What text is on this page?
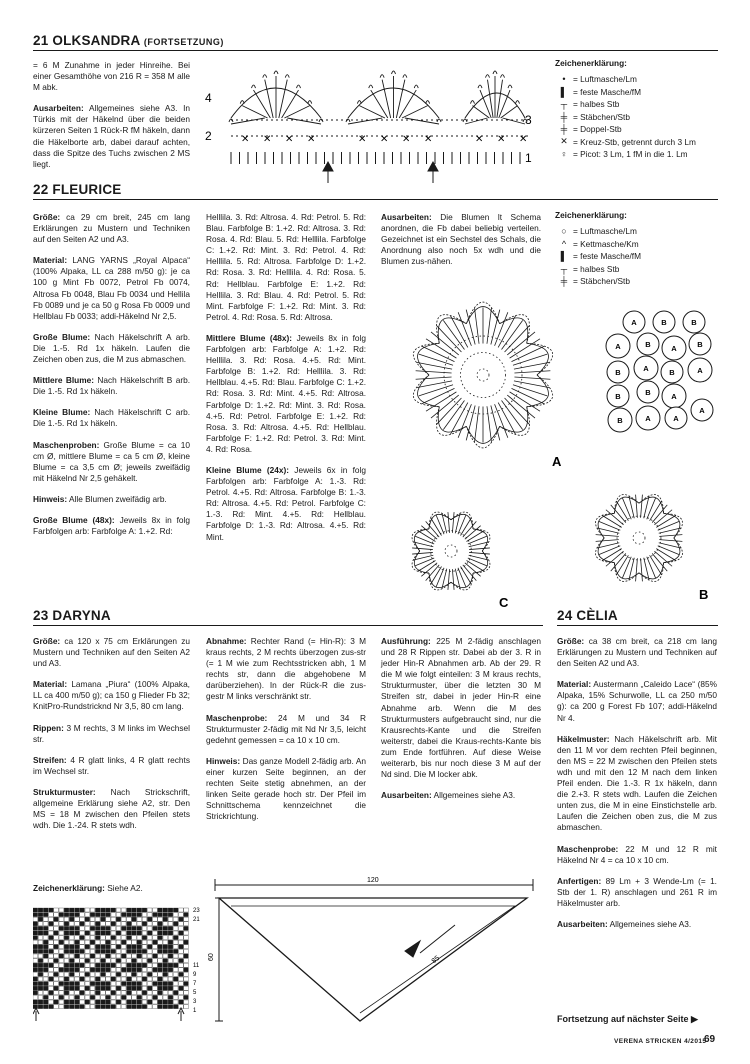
21 OLKSANDRA (FORTSETZUNG)

= 6 M Zunahme in jeder Hinreihe. Bei einer Gesamthöhe von 216 R = 358 M alle M abk.

Ausarbeiten: Allgemeines siehe A3. In Türkis mit der Häkelnd über die beiden kürzeren Seiten 1 Rück-R fM häkeln, dann die Häkelborte arb, dabei darauf achten, dass die Spitze des Tuchs zwischen 2 MS liegt.

✕ ✕ ✕ ✕	✕ ✕ ✕ ✕	✕ ✕ ✕
4
2
1
3
Zeichenerklärung:
• = Luftmasche/Lm
▌ = feste Masche/fM
┬ = halbes Stb
╪ = Stäbchen/Stb
╪ = Doppel-Stb
✕ = Kreuz-Stb, getrennt durch 3 Lm
♀ = Picot: 3 Lm, 1 fM in die 1. Lm
22 FLEURICE

Größe: ca 29 cm breit, 245 cm lang Erklärungen zu Mustern und Techniken auf den Seiten A2 und A3.

Material: LANG YARNS „Royal Alpaca“ (100% Alpaka, LL ca 288 m/50 g): je ca 100 g Mint Fb 0072, Petrol Fb 0074, Altrosa Fb 0048, Blau Fb 0034 und Hellila Fb 0089 und je ca 50 g Rosa Fb 0009 und Hellblau Fb 0033; addi-Häkelnd Nr 2,5.

Große Blume: Nach Häkelschrift A arb. Die 1.-5. Rd 1x häkeln. Laufen die Zeichen oben zus, die M zus abmaschen.

Mittlere Blume: Nach Häkelschrift B arb. Die 1.-5. Rd 1x häkeln.

Kleine Blume: Nach Häkelschrift C arb. Die 1.-5. Rd 1x häkeln.

Maschenproben: Große Blume = ca 10 cm Ø, mittlere Blume = ca 5 cm Ø, kleine Blume = ca 3,5 cm Ø; jeweils zweifädig mit Häkelnd Nr 2,5 gehäkelt.

Hinweis: Alle Blumen zweifädig arb.

Große Blume (48x): Jeweils 8x in folg Farbfolgen arb: Farbfolge A: 1.+2. Rd:

Helllila. 3. Rd: Altrosa. 4. Rd: Petrol. 5. Rd: Blau. Farbfolge B: 1.+2. Rd: Altrosa. 3. Rd: Rosa. 4. Rd: Blau. 5. Rd: Helllila. Farbfolge C: 1.+2. Rd: Mint. 3. Rd: Petrol. 4. Rd: Helllila. 5. Rd: Altrosa. Farbfolge D: 1.+2. Rd: Rosa. 3. Rd: Helllila. 4. Rd: Rosa. 5. Rd: Hellblau. Farbfolge E: 1.+2. Rd: Helllila. 3. Rd: Blau. 4. Rd: Petrol. 5. Rd: Mint. Farbfolge F: 1.+2. Rd: Mint. 3. Rd: Petrol. 4. Rd: Rosa. 5. Rd: Altrosa.

Mittlere Blume (48x): Jeweils 8x in folg Farbfolgen arb: Farbfolge A: 1.+2. Rd: Helllila. 3. Rd: Rosa. 4.+5. Rd: Mint. Farbfolge B: 1.+2. Rd: Helllila. 3. Rd: Hellblau. 4.+5. Rd: Blau. Farbfolge C: 1.+2. Rd: Rosa. 3. Rd: Mint. 4.+5. Rd: Altrosa. Farbfolge D: 1.+2. Rd: Mint. 3. Rd: Rosa. 4.+5. Rd: Petrol. Farbfolge E: 1.+2. Rd: Rosa. 3. Rd: Altrosa. 4.+5. Rd: Hellblau. Farbfolge F: 1.+2. Rd: Petrol. 3. Rd: Mint. 4. Rd: Rosa.

Kleine Blume (24x): Jeweils 6x in folg Farbfolgen arb: Farbfolge A: 1.-3. Rd: Petrol. 4.+5. Rd: Altrosa. Farbfolge B: 1.-3. Rd: Altrosa. 4.+5. Rd: Petrol. Farbfolge C: 1.-3. Rd: Mint. 4.+5. Rd: Hellblau. Farbfolge D: 1.-3. Rd: Altrosa. 4.+5. Rd: Mint.

Ausarbeiten: Die Blumen lt Schema anordnen, die Fb dabei beliebig verteilen. Gezeichnet ist ein Sechstel des Schals, die Anordnung also noch 5x wdh und die Blumen zus-nähen.

Zeichenerklärung:
○ = Luftmasche/Lm
^ = Kettmasche/Km
▌ = feste Masche/fM
┬ = halbes Stb
╪ = Stäbchen/Stb
A
A	B	B
A	B	A	B
B	A	B	A
B	B	A
B	A	A
A
C
B
23 DARYNA

Größe: ca 120 x 75 cm Erklärungen zu Mustern und Techniken auf den Seiten A2 und A3.

Material: Lamana „Piura“ (100% Alpaka, LL ca 400 m/50 g); ca 150 g Flieder Fb 32; KnitPro-Rundstricknd Nr 3,5, 80 cm lang.

Rippen: 3 M rechts, 3 M links im Wechsel str.

Streifen: 4 R glatt links, 4 R glatt rechts im Wechsel str.

Strukturmuster: Nach Strickschrift, allgemeine Erklärung siehe A2, str. Den MS = 18 M zwischen den Pfeilen stets wdh. Die 1.-24. R stets wdh.

Abnahme: Rechter Rand (= Hin-R): 3 M kraus rechts, 2 M rechts überzogen zus-str (= 1 M wie zum Rechtsstricken abh, 1 M rechts str, dann die abgehobene M darüberziehen). In der Rück-R die zus-gestr M links verschränkt str.

Maschenprobe: 24 M und 34 R Strukturmuster 2-fädig mit Nd Nr 3,5, leicht gedehnt gemessen = ca 10 x 10 cm.

Hinweis: Das ganze Modell 2-fädig arb. An einer kurzen Seite beginnen, an der rechten Seite stetig abnehmen, an der linken Seite gerade hoch str. Der Pfeil im Schnittschema kennzeichnet die Strickrichtung.

Ausführung: 225 M 2-fädig anschlagen und 28 R Rippen str. Dabei ab der 3. R in jeder Hin-R Abnahmen arb. Ab der 29. R die M wie folgt einteilen: 3 M kraus rechts, Strukturmuster, über die letzten 30 M Streifen str, dabei in jeder Hin-R eine Abnahme arb. Wenn die M des Strukturmusters aufgebraucht sind, nur die Krausrechts-Kante und die Streifen weiterstr, dabei die Kraus-rechts-Kante bis zum Ende fortführen. Auf diese Weise weiterarb, bis nur noch diese 3 M auf der Nd sind. Die M locker abk.

Ausarbeiten: Allgemeines siehe A3.

Zeichenerklärung: Siehe A2.
23
21
11
9
7
5
3
1
120
60	85
24 CÈLIA

Größe: ca 38 cm breit, ca 218 cm lang Erklärungen zu Mustern und Techniken auf den Seiten A2 und A3.

Material: Austermann „Caleido Lace“ (85% Alpaka, 15% Schurwolle, LL ca 250 m/50 g): ca 200 g Forest Fb 107; addi-Häkelnd Nr 4.

Häkelmuster: Nach Häkelschrift arb. Mit den 11 M vor dem rechten Pfeil beginnen, den MS = 22 M zwischen den Pfeilen stets wdh und mit den 12 M nach dem linken Pfeil enden. Die 1.-3. R 1x häkeln, dann die 2.+3. R stets wdh. Laufen die Zeichen unten zus, die M in eine Einstichstelle arb. Laufen die Zeichen oben zus, die M zus abmaschen.

Maschenprobe: 22 M und 12 R mit Häkelnd Nr 4 = ca 10 x 10 cm.

Anfertigen: 89 Lm + 3 Wende-Lm (= 1. Stb der 1. R) anschlagen und 261 R im Häkelmuster arb.

Ausarbeiten: Allgemeines siehe A3.

Fortsetzung auf nächster Seite ▶
VERENA STRICKEN 4/2015
69
